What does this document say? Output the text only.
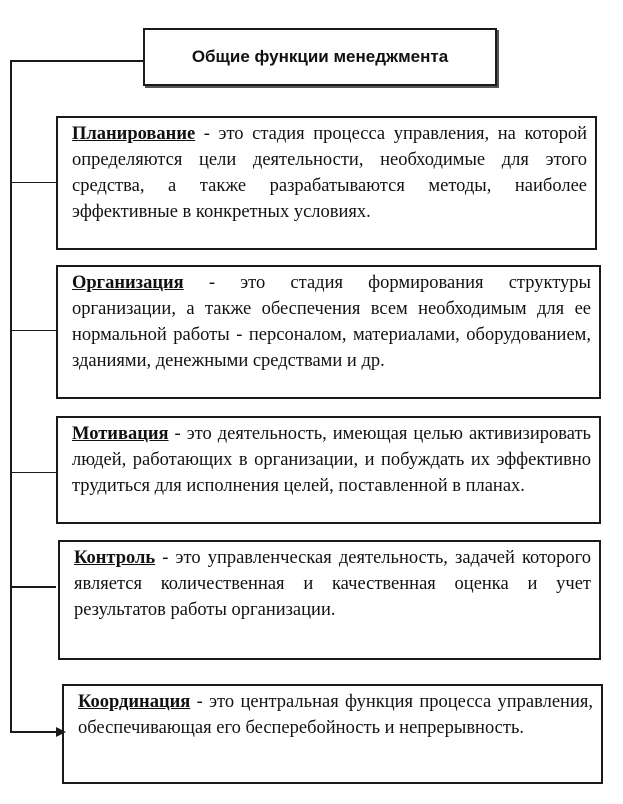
Общие функции менеджмента
Планирование - это стадия процесса управления, на которой определяются цели деятельности, необходимые для этого средства, а также разрабатываются методы, наиболее эффективные в конкретных условиях.
Организация - это стадия формирования структуры организации, а также обеспечения всем необходимым для ее нормальной работы - персоналом, материалами, оборудованием, зданиями, денежными средствами и др.
Мотивация - это деятельность, имеющая целью активизировать людей, работающих в организации, и побуждать их эффективно трудиться для исполнения целей, поставленной в планах.
Контроль - это управленческая деятельность, задачей которого является количественная и качественная оценка и учет результатов работы организации.
Координация - это центральная функция процесса управления, обеспечивающая его бесперебойность и непрерывность.
